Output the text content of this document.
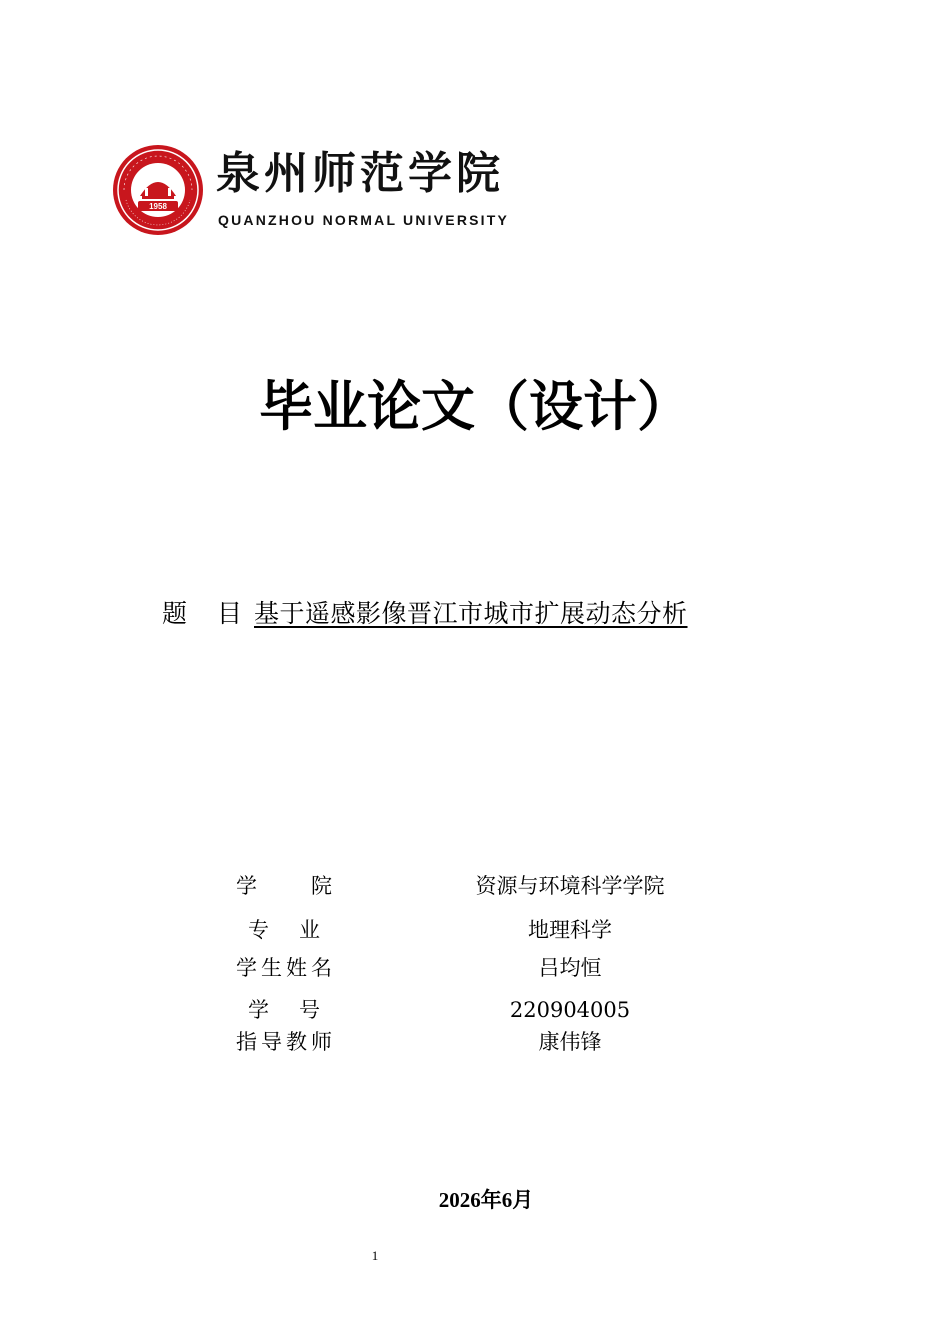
1958
泉州师范学院
QUANZHOU NORMAL UNIVERSITY
毕业论文（设计）
题目基于遥感影像晋江市城市扩展动态分析
学院	资源与环境科学学院
专业	地理科学
学生姓名	吕均恒
学号	220904005
指导教师	康伟锋
2026年6月
1
